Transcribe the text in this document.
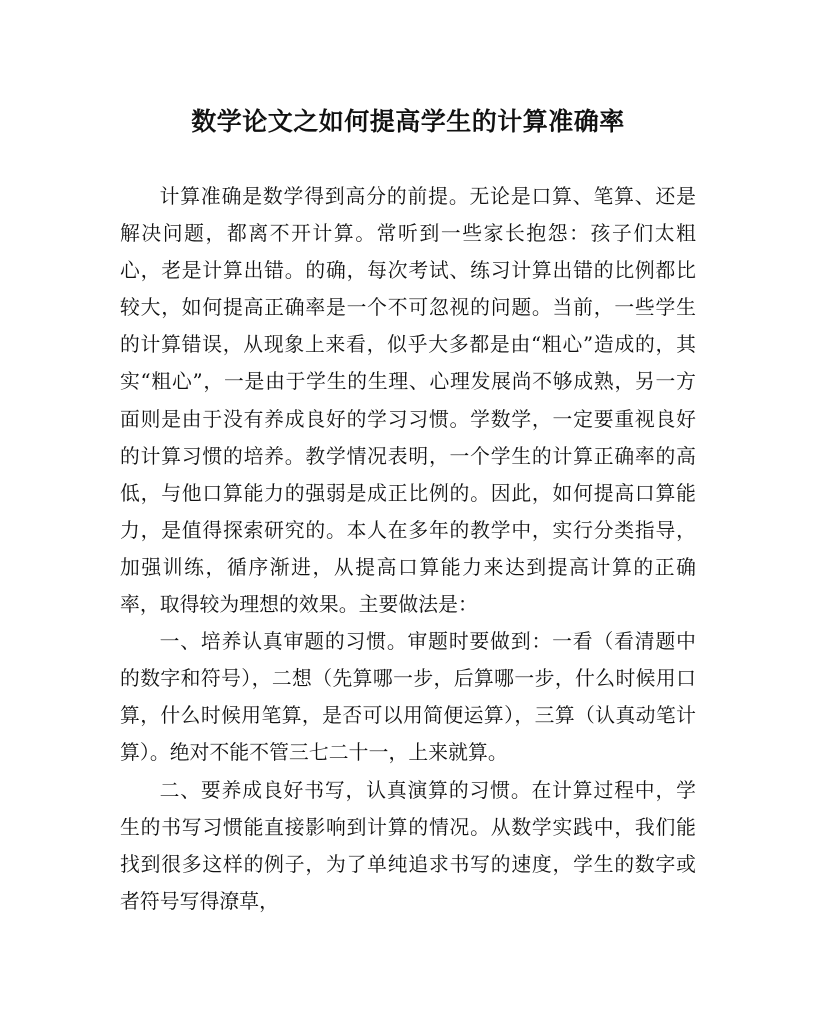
数学论文之如何提高学生的计算准确率

计算准确是数学得到高分的前提。无论是口算、笔算、还是解决问题，都离不开计算。常听到一些家长抱怨：孩子们太粗心，老是计算出错。的确，每次考试、练习计算出错的比例都比较大，如何提高正确率是一个不可忽视的问题。当前，一些学生的计算错误，从现象上来看，似乎大多都是由“粗心”造成的，其实“粗心”，一是由于学生的生理、心理发展尚不够成熟，另一方面则是由于没有养成良好的学习习惯。学数学，一定要重视良好的计算习惯的培养。教学情况表明，一个学生的计算正确率的高低，与他口算能力的强弱是成正比例的。因此，如何提高口算能力，是值得探索研究的。本人在多年的教学中，实行分类指导，加强训练，循序渐进，从提高口算能力来达到提高计算的正确率，取得较为理想的效果。主要做法是：

一、培养认真审题的习惯。审题时要做到：一看（看清题中的数字和符号），二想（先算哪一步，后算哪一步，什么时候用口算，什么时候用笔算，是否可以用简便运算），三算（认真动笔计算）。绝对不能不管三七二十一，上来就算。

二、要养成良好书写，认真演算的习惯。在计算过程中，学生的书写习惯能直接影响到计算的情况。从数学实践中，我们能找到很多这样的例子，为了单纯追求书写的速度，学生的数字或者符号写得潦草，
